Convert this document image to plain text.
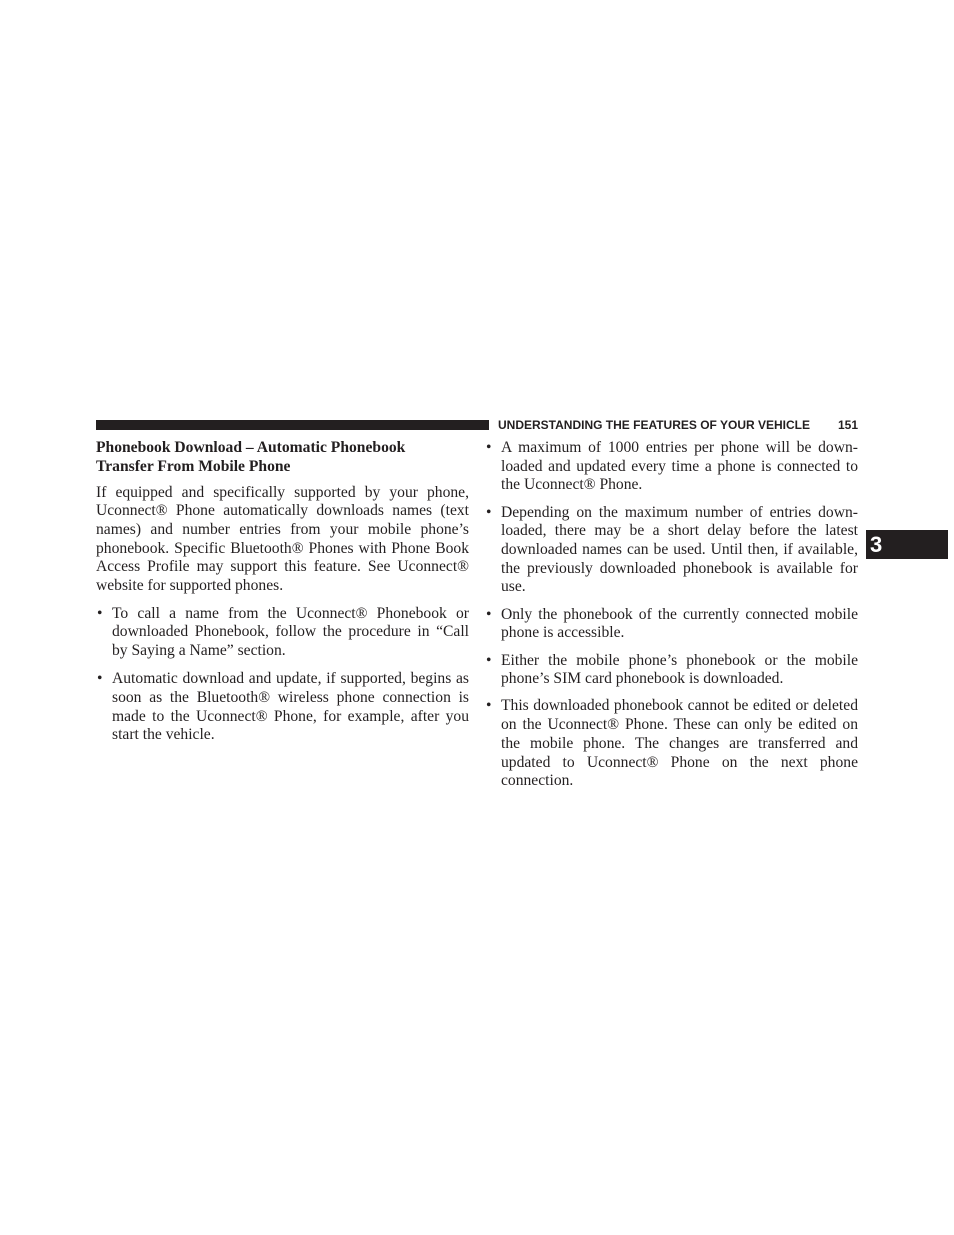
UNDERSTANDING THE FEATURES OF YOUR VEHICLE 151
3
Phonebook Download – Automatic Phonebook
Transfer From Mobile Phone

If equipped and specifically supported by your phone, Uconnect® Phone automatically downloads names (text names) and number entries from your mobile phone’s phonebook. Specific Bluetooth® Phones with Phone Book Access Profile may support this feature. See Uconnect® website for supported phones.

• To call a name from the Uconnect® Phonebook or downloaded Phonebook, follow the procedure in “Call by Saying a Name” section.
• Automatic download and update, if supported, begins as soon as the Bluetooth® wireless phone connection is made to the Uconnect® Phone, for example, after you start the vehicle.
• A maximum of 1000 entries per phone will be downloaded and updated every time a phone is connected to the Uconnect® Phone.
• Depending on the maximum number of entries downloaded, there may be a short delay before the latest downloaded names can be used. Until then, if available, the previously downloaded phonebook is available for use.
• Only the phonebook of the currently connected mobile phone is accessible.
• Either the mobile phone’s phonebook or the mobile phone’s SIM card phonebook is downloaded.
• This downloaded phonebook cannot be edited or deleted on the Uconnect® Phone. These can only be edited on the mobile phone. The changes are transferred and updated to Uconnect® Phone on the next phone connection.
